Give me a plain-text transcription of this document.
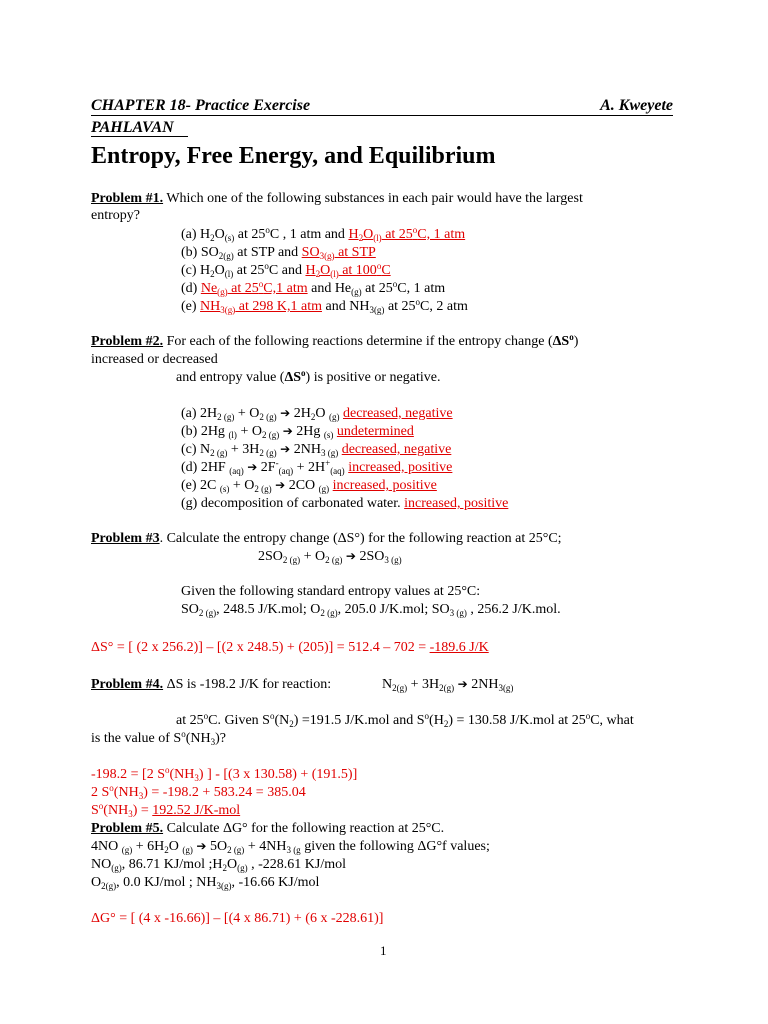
CHAPTER 18- Practice Exercise	A. Kweyete
PAHLAVAN
Entropy, Free Energy, and Equilibrium
Problem #1. Which one of the following substances in each pair would have the largest
entropy?
(a) $H_2O_{(s)}$ at 25$^o$C , 1 atm and $H_2O_{(l)}$ at 25$^o$C, 1 atm
(b) $SO_{2(g)}$ at STP and $SO_{3(g)}$ at STP
(c) $H_2O_{(l)}$ at 25$^o$C and $H_2O_{(l)}$ at 100$^o$C
(d) $Ne_{(g)}$ at 25$^o$C,1 atm and $He_{(g)}$ at 25$^o$C, 1 atm
(e) $NH_{3(g)}$ at 298 K,1 atm and $NH_{3(g)}$ at 25$^o$C, 2 atm
Problem #2. For each of the following reactions determine if the entropy change $(\Delta S^o)$
increased or decreased
and entropy value $(\Delta S^o)$ is positive or negative.
(a) $2H_{2 (g)} + O_{2 (g)}$ ➔ $2H_2O$ $_{(g)}$ decreased, negative
(b) 2Hg $_{(l)} + O_{2 (g)}$ ➔ 2Hg $_{(s)}$ undetermined
(c) $N_{2 (g)} + 3H_{2 (g)}$ ➔ $2NH_{3 (g)}$ decreased, negative
(d) 2HF $_{(aq)}$ ➔ $2F^-_{(aq)} + 2H^+_{(aq)}$ increased, positive
(e) 2C $_{(s)} + O_{2 (g)}$ ➔ 2CO $_{(g)}$ increased, positive
(g) decomposition of carbonated water. increased, positive
Problem #3. Calculate the entropy change (ΔS°) for the following reaction at 25°C;
$2SO_{2 (g)} + O_{2 (g)}$ ➔ $2SO_{3 (g)}$
Given the following standard entropy values at 25°C:
$SO_{2 (g)}$, 248.5 J/K.mol; $O_{2 (g)}$, 205.0 J/K.mol; $SO_{3 (g)}$ , 256.2 J/K.mol.
ΔS° = [ (2 x 256.2)] – [(2 x 248.5) + (205)] = 512.4 – 702 = -189.6 J/K
Problem #4. ΔS is -198.2 J/K for reaction:	$N_{2(g)} + 3H_{2(g)}$ ➔ $2NH_{3(g)}$
at 25$^o$C. Given $S^o(N_2) =191.5$ J/K.mol and $S^o(H_2) = 130.58$ J/K.mol at 25$^o$C, what
is the value of $S^o(NH_3)$?
-198.2 = [2 $S^o(NH_3)$ ] - [(3 x 130.58) + (191.5)]
2 $S^o(NH_3) = -198.2 + 583.24 = 385.04$
$S^o(NH_3) = 192.52$ J/K-mol
Problem #5. Calculate ΔG° for the following reaction at 25°C.
4NO $_{(g)} + 6H_2O$ $_{(g)}$ ➔ $5O_{2 (g)} + 4NH_{3 (g}$ given the following ΔG°f values;
$NO_{(g)}$, 86.71 KJ/mol $;H_2O_{(g)}$ , -228.61 KJ/mol
$O_{2(g)}$, 0.0 KJ/mol ; $NH_{3(g)}$, -16.66 KJ/mol
ΔG° = [ (4 x -16.66)] – [(4 x 86.71) + (6 x -228.61)]
1
